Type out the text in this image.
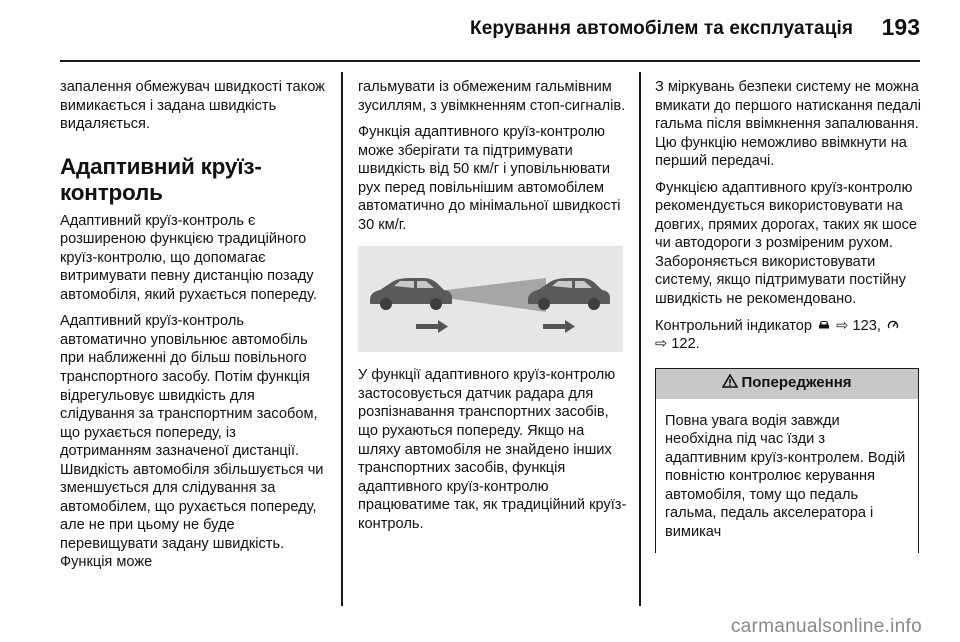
Керування автомобілем та експлуатація 193

запалення обмежувач швидкості також вимикається і задана швидкість видаляється.

Адаптивний круїз-контроль

Адаптивний круїз-контроль є розширеною функцією традиційного круїз-контролю, що допомагає витримувати певну дистанцію позаду автомобіля, який рухається попереду.

Адаптивний круїз-контроль автоматично уповільнює автомобіль при наближенні до більш повільного транспортного засобу. Потім функція відрегульовує швидкість для слідування за транспортним засобом, що рухається попереду, із дотриманням зазначеної дистанції. Швидкість автомобіля збільшується чи зменшується для слідування за автомобілем, що рухається попереду, але не при цьому не буде перевищувати задану швидкість. Функція може

гальмувати із обмеженим гальмівним зусиллям, з увімкненням стоп-сигналів.

Функція адаптивного круїз-контролю може зберігати та підтримувати швидкість від 50 км/г і уповільнювати рух перед повільнішим автомобілем автоматично до мінімальної швидкості 30 км/г.

У функції адаптивного круїз-контролю застосовується датчик радара для розпізнавання транспортних засобів, що рухаються попереду. Якщо на шляху автомобіля не знайдено інших транспортних засобів, функція адаптивного круїз-контролю працюватиме так, як традиційний круїз-контроль.

З міркувань безпеки систему не можна вмикати до першого натискання педалі гальма після ввімкнення запалювання. Цю функцію неможливо ввімкнути на перший передачі.

Функцією адаптивного круїз-контролю рекомендується використовувати на довгих, прямих дорогах, таких як шосе чи автодороги з розміреним рухом. Забороняється використовувати систему, якщо підтримувати постійну швидкість не рекомендовано.

Контрольний індикатор ⇨ 123,
⇨ 122.

Попередження
Повна увага водія завжди необхідна під час їзди з адаптивним круїз-контролем. Водій повністю контролює керування автомобіля, тому що педаль гальма, педаль акселератора і вимикач
carmanualsonline.info
